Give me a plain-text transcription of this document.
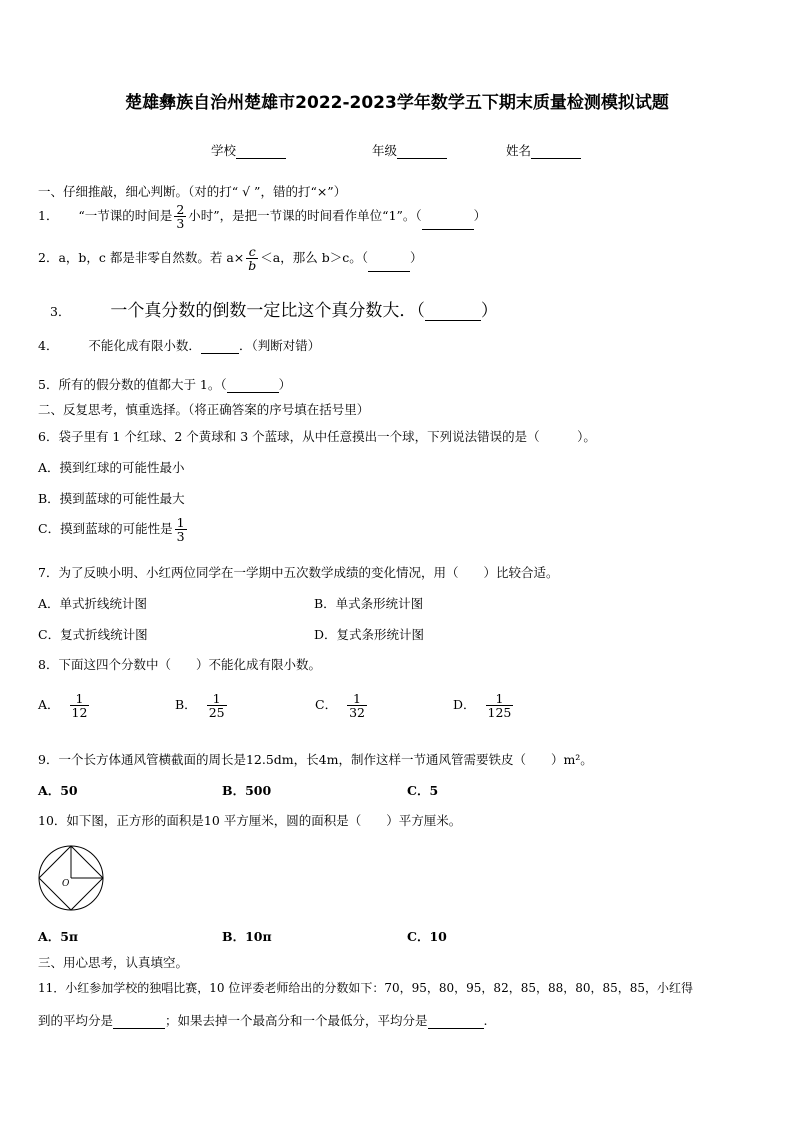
楚雄彝族自治州楚雄市2022-2023学年数学五下期末质量检测模拟试题
学校	年级	姓名
一、仔细推敲，细心判断。（对的打“ √ ”，错的打“×”）
1． “一节课的时间是 $\frac{2}{3}$ 小时”，是把一节课的时间看作单位“1”。（	）
2．a，b，c 都是非零自然数。若 $a\times \frac{c}{b} <a$，那么 b＞c。（	）
3． 一个真分数的倒数一定比这个真分数大．（	）
4． 不能化成有限小数．	．（判断对错）
5．所有的假分数的值都大于 1。（	）
二、反复思考，慎重选择。（将正确答案的序号填在括号里）
6．袋子里有 1 个红球、2 个黄球和 3 个蓝球，从中任意摸出一个球，下列说法错误的是（　　　）。
A．摸到红球的可能性最小
B．摸到蓝球的可能性最大
C．摸到蓝球的可能性是 $\frac{1}{3}$
7．为了反映小明、小红两位同学在一学期中五次数学成绩的变化情况，用（　　）比较合适。
A．单式折线统计图	B．单式条形统计图
C．复式折线统计图	D．复式条形统计图
8．下面这四个分数中（　　）不能化成有限小数。
A． $\frac{1}{12}$	B． $\frac{1}{25}$	C． $\frac{1}{32}$	D． $\frac{1}{125}$
9．一个长方体通风管横截面的周长是12.5dm，长4m，制作这样一节通风管需要铁皮（　　）m²。
A．50	B．500	C．5
10．如下图，正方形的面积是10 平方厘米，圆的面积是（　　）平方厘米。
O
A．5π	B．10π	C．10
三、用心思考，认真填空。
11．小红参加学校的独唱比赛，10 位评委老师给出的分数如下：70，95，80，95，82，85，88，80，85，85，小红得
到的平均分是	；如果去掉一个最高分和一个最低分，平均分是	.
